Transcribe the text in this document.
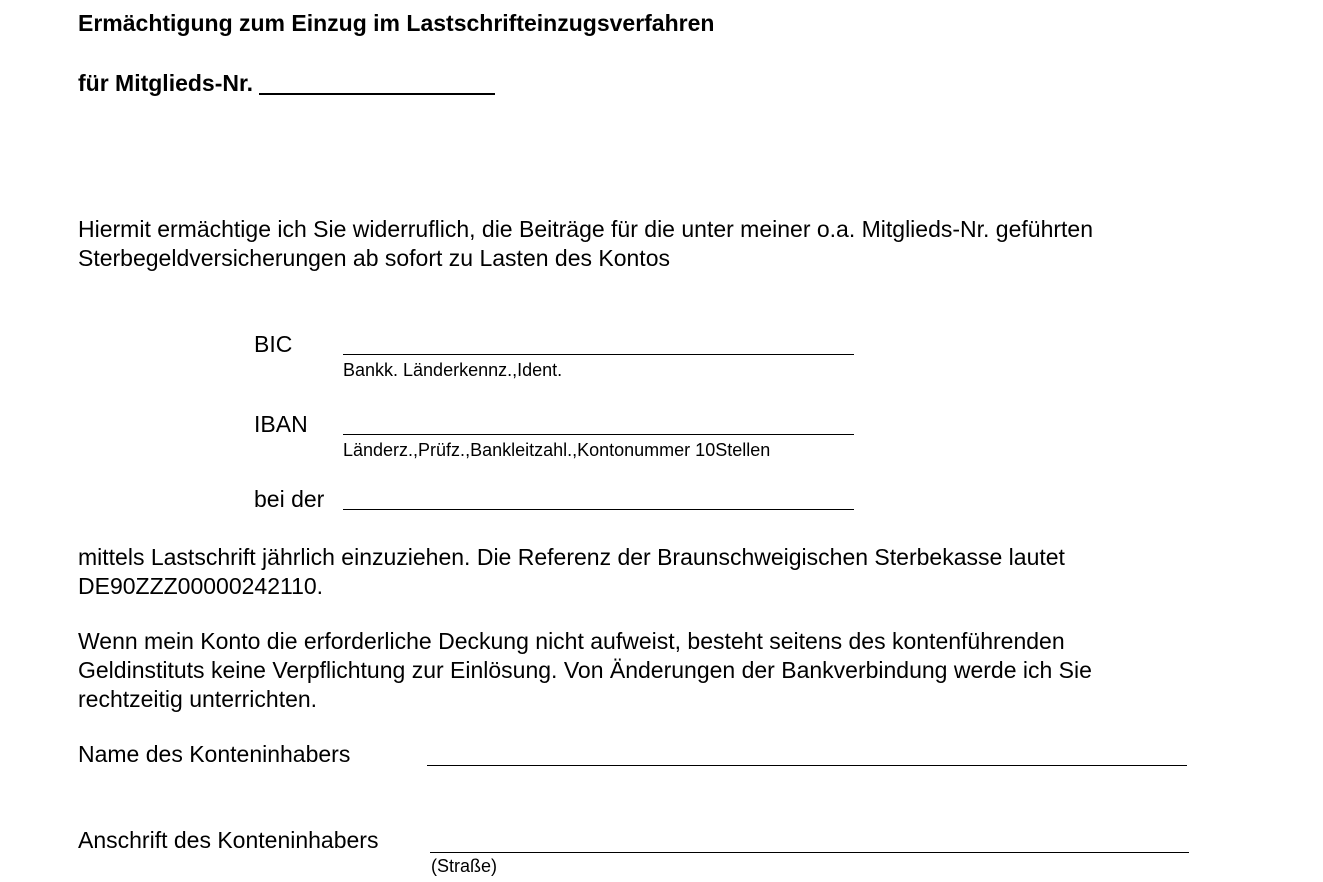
Ermächtigung zum Einzug im Lastschrifteinzugsverfahren
für Mitglieds-Nr.
Hiermit ermächtige ich Sie widerruflich, die Beiträge für die unter meiner o.a. Mitglieds-Nr. geführten
Sterbegeldversicherungen ab sofort zu Lasten des Kontos
BIC
Bankk. Länderkennz.,Ident.
IBAN
Länderz.,Prüfz.,Bankleitzahl.,Kontonummer 10Stellen
bei der
mittels Lastschrift jährlich einzuziehen. Die Referenz der Braunschweigischen Sterbekasse lautet
DE90ZZZ00000242110.
Wenn mein Konto die erforderliche Deckung nicht aufweist, besteht seitens des kontenführenden
Geldinstituts keine Verpflichtung zur Einlösung. Von Änderungen der Bankverbindung werde ich Sie
rechtzeitig unterrichten.
Name des Konteninhabers
Anschrift des Konteninhabers
(Straße)
